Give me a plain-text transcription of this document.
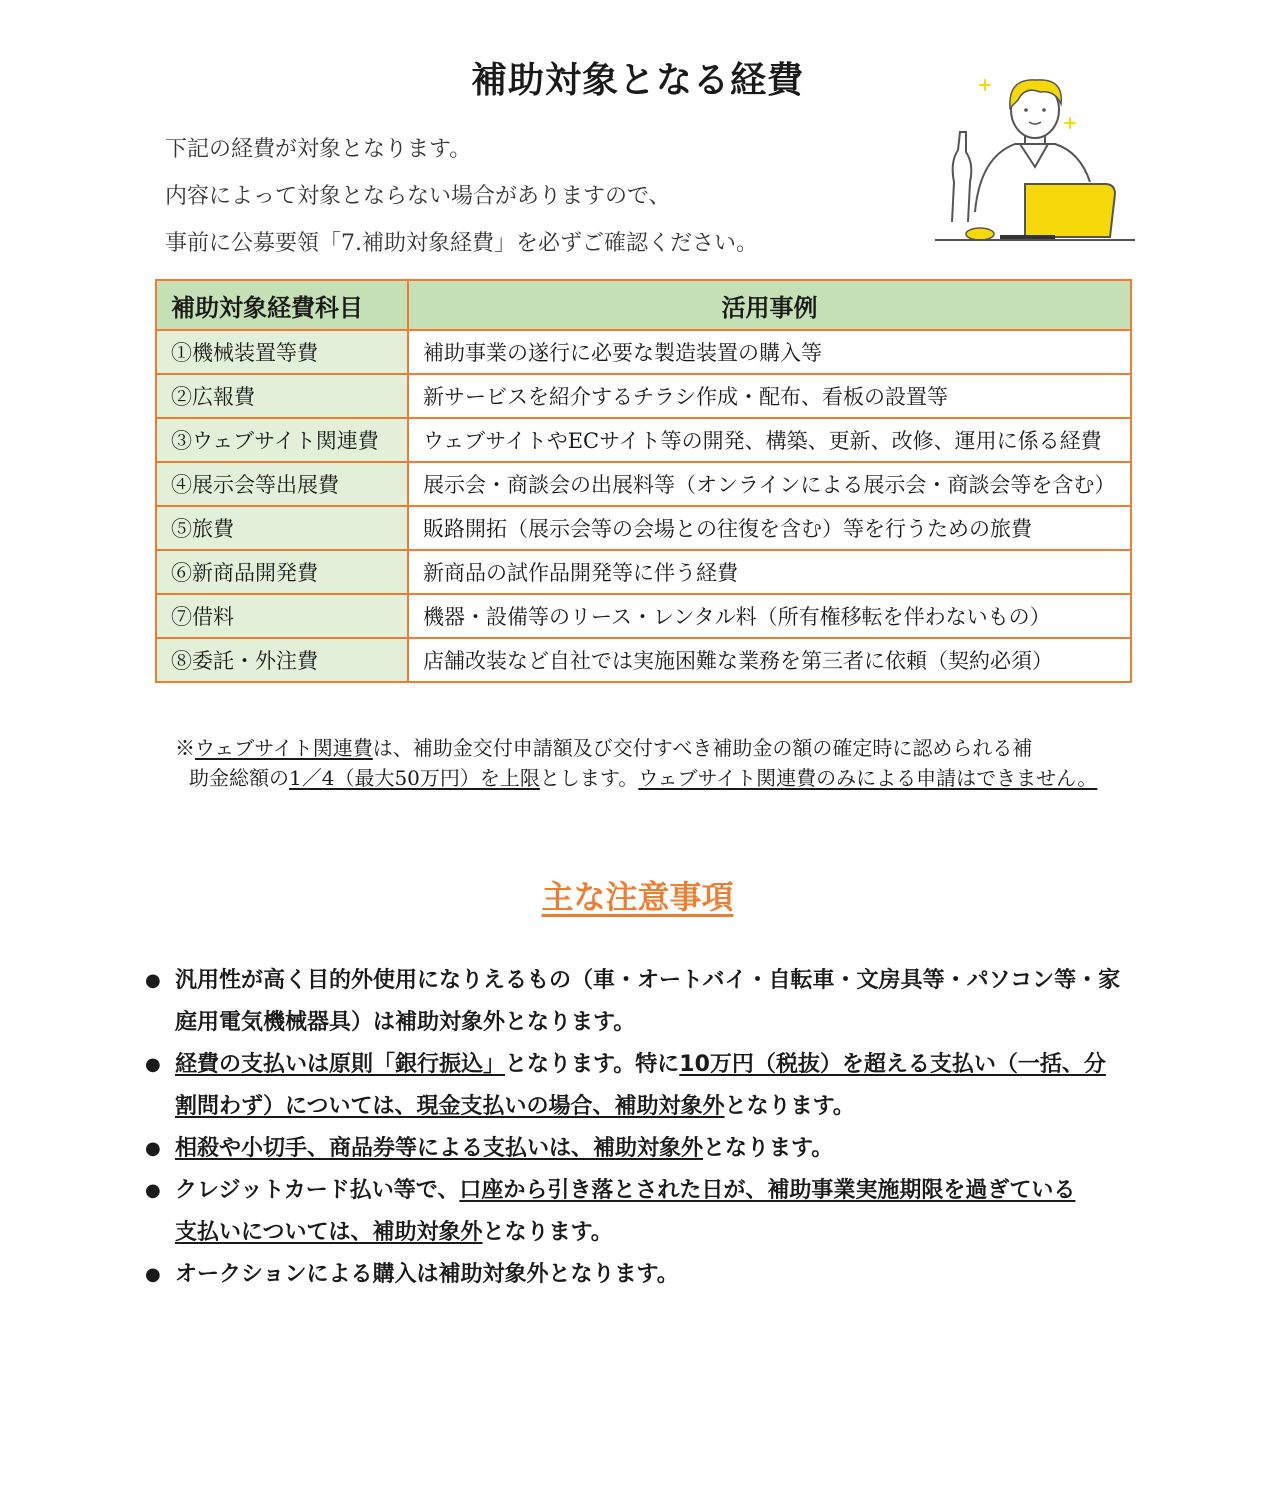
補助対象となる経費

下記の経費が対象となります。

内容によって対象とならない場合がありますので、

事前に公募要領「7.補助対象経費」を必ずご確認ください。

補助対象経費科目	活用事例
①機械装置等費	補助事業の遂行に必要な製造装置の購入等
②広報費	新サービスを紹介するチラシ作成・配布、看板の設置等
③ウェブサイト関連費	ウェブサイトやECサイト等の開発、構築、更新、改修、運用に係る経費
④展示会等出展費	展示会・商談会の出展料等（オンラインによる展示会・商談会等を含む）
⑤旅費	販路開拓（展示会等の会場との往復を含む）等を行うための旅費
⑥新商品開発費	新商品の試作品開発等に伴う経費
⑦借料	機器・設備等のリース・レンタル料（所有権移転を伴わないもの）
⑧委託・外注費	店舗改装など自社では実施困難な業務を第三者に依頼（契約必須）
※ウェブサイト関連費は、補助金交付申請額及び交付すべき補助金の額の確定時に認められる補
助金総額の1／4（最大50万円）を上限とします。ウェブサイト関連費のみによる申請はできません。
主な注意事項
● 汎用性が高く目的外使用になりえるもの（車・オートバイ・自転車・文房具等・パソコン等・家
庭用電気機械器具）は補助対象外となります。
● 経費の支払いは原則「銀行振込」となります。特に10万円（税抜）を超える支払い（一括、分
割問わず）については、現金支払いの場合、補助対象外となります。
● 相殺や小切手、商品券等による支払いは、補助対象外となります。
● クレジットカード払い等で、口座から引き落とされた日が、補助事業実施期限を過ぎている
支払いについては、補助対象外となります。
● オークションによる購入は補助対象外となります。
